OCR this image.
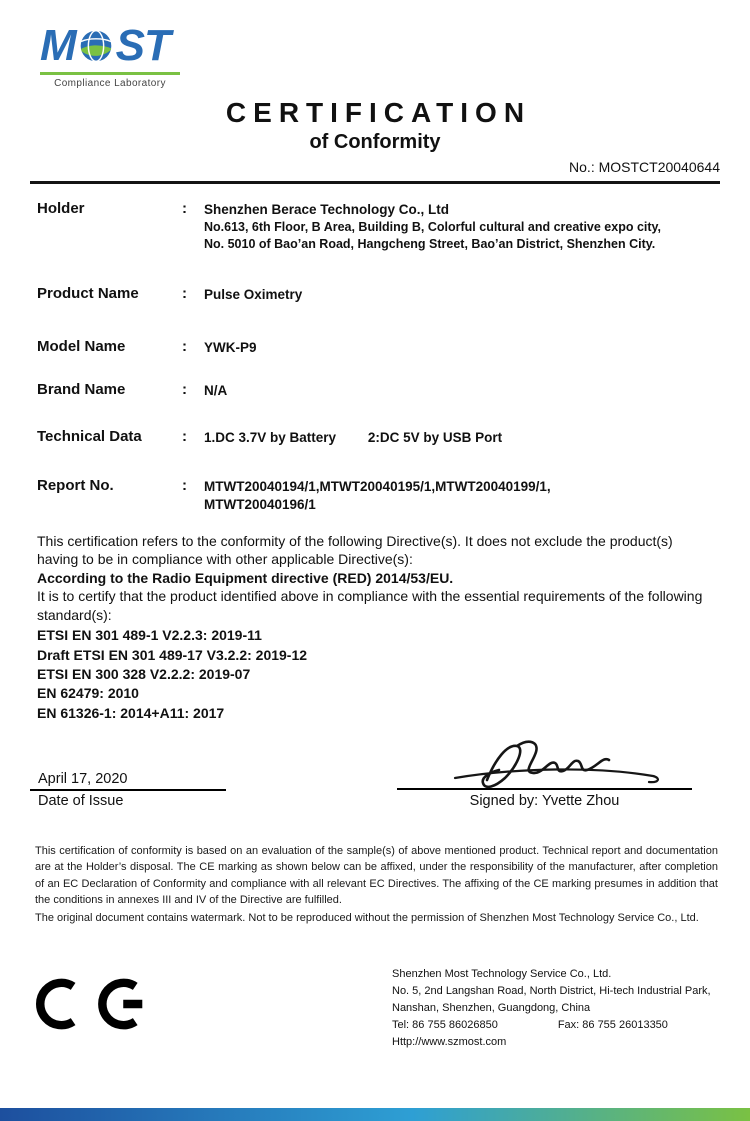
M ST
Compliance Laboratory
CERTIFICATION
of Conformity
No.: MOSTCT20040644
Holder	:	Shenzhen Berace Technology Co., Ltd
No.613, 6th Floor, B Area, Building B, Colorful cultural and creative expo city,
No. 5010 of Bao’an Road, Hangcheng Street, Bao’an District, Shenzhen City.
Product Name	:	Pulse Oximetry
Model Name	:	YWK-P9
Brand Name	:	N/A
Technical Data	:	1.DC 3.7V by Battery 2:DC 5V by USB Port
Report No.	:	MTWT20040194/1,MTWT20040195/1,MTWT20040199/1,
MTWT20040196/1

This certification refers to the conformity of the following Directive(s). It does not exclude the product(s) having to be in compliance with other applicable Directive(s):

According to the Radio Equipment directive (RED) 2014/53/EU.

It is to certify that the product identified above in compliance with the essential requirements of the following standard(s):

ETSI EN 301 489-1 V2.2.3: 2019-11
Draft ETSI EN 301 489-17 V3.2.2: 2019-12
ETSI EN 300 328 V2.2.2: 2019-07
EN 62479: 2010
EN 61326-1: 2014+A11: 2017
April 17, 2020
Date of Issue	Signed by: Yvette Zhou

This certification of conformity is based on an evaluation of the sample(s) of above mentioned product. Technical report and documentation are at the Holder’s disposal. The CE marking as shown below can be affixed, under the responsibility of the manufacturer, after completion of an EC Declaration of Conformity and compliance with all relevant EC Directives. The affixing of the CE marking presumes in addition that the conditions in annexes III and IV of the Directive are fulfilled.

The original document contains watermark. Not to be reproduced without the permission of Shenzhen Most Technology Service Co., Ltd.

Shenzhen Most Technology Service Co., Ltd.
No. 5, 2nd Langshan Road, North District, Hi-tech Industrial Park,
Nanshan, Shenzhen, Guangdong, China
Tel: 86 755 86026850	Fax: 86 755 26013350
Http://www.szmost.com
